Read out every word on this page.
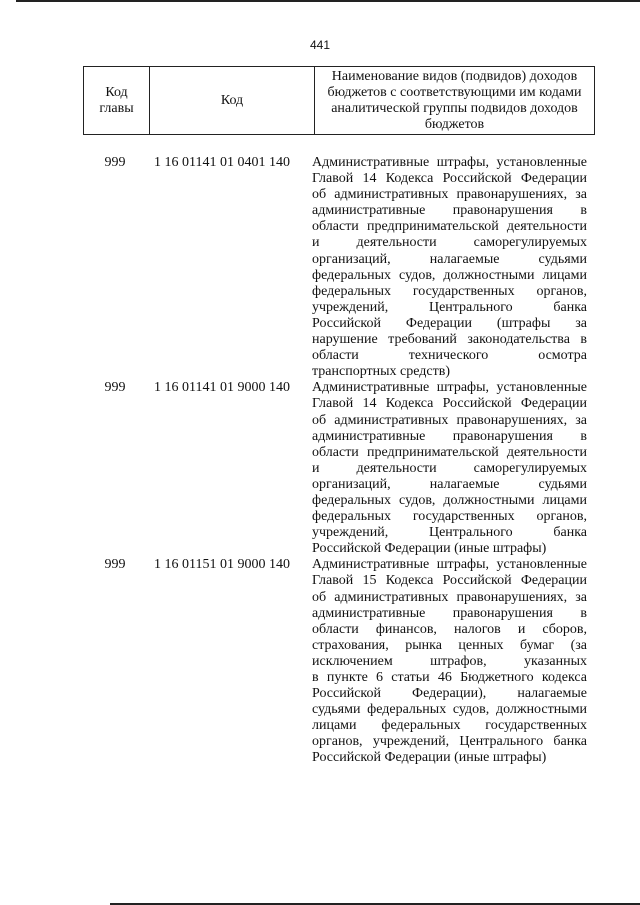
441
Код главы	Код	Наименование видов (подвидов) доходов бюджетов с соответствующими им кодами аналитической группы подвидов доходов бюджетов
999	1 16 01141 01 0401 140	Административные штрафы, установленные
Главой 14 Кодекса Российской Федерации
об административных правонарушениях, за
административные правонарушения в
области предпринимательской деятельности
и деятельности саморегулируемых
организаций, налагаемые судьями
федеральных судов, должностными лицами
федеральных государственных органов,
учреждений, Центрального банка
Российской Федерации (штрафы за
нарушение требований законодательства в
области технического осмотра
транспортных средств)
999	1 16 01141 01 9000 140	Административные штрафы, установленные
Главой 14 Кодекса Российской Федерации
об административных правонарушениях, за
административные правонарушения в
области предпринимательской деятельности
и деятельности саморегулируемых
организаций, налагаемые судьями
федеральных судов, должностными лицами
федеральных государственных органов,
учреждений, Центрального банка
Российской Федерации (иные штрафы)
999	1 16 01151 01 9000 140	Административные штрафы, установленные
Главой 15 Кодекса Российской Федерации
об административных правонарушениях, за
административные правонарушения в
области финансов, налогов и сборов,
страхования, рынка ценных бумаг (за
исключением штрафов, указанных
в пункте 6 статьи 46 Бюджетного кодекса
Российской Федерации), налагаемые
судьями федеральных судов, должностными
лицами федеральных государственных
органов, учреждений, Центрального банка
Российской Федерации (иные штрафы)
